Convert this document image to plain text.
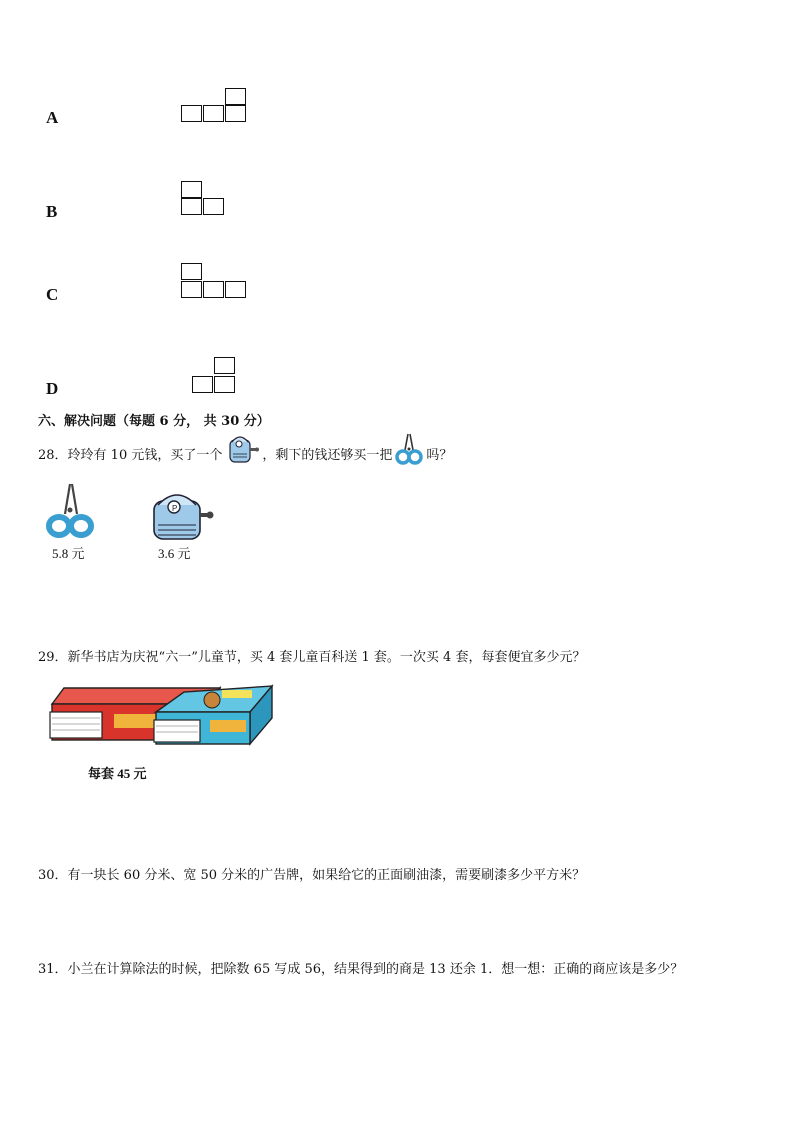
A
B
C
D
六、解决问题（每题 6 分， 共 30 分）
28．玲玲有 10 元钱，买了一个	，剩下的钱还够买一把	吗？
5.8 元
P
3.6 元
29．新华书店为庆祝“六一”儿童节，买 4 套儿童百科送 1 套。一次买 4 套，每套便宜多少元？
每套 45 元
30．有一块长 60 分米、宽 50 分米的广告牌，如果给它的正面刷油漆，需要刷漆多少平方米？
31．小兰在计算除法的时候，把除数 65 写成 56，结果得到的商是 13 还余 1．想一想：正确的商应该是多少？
